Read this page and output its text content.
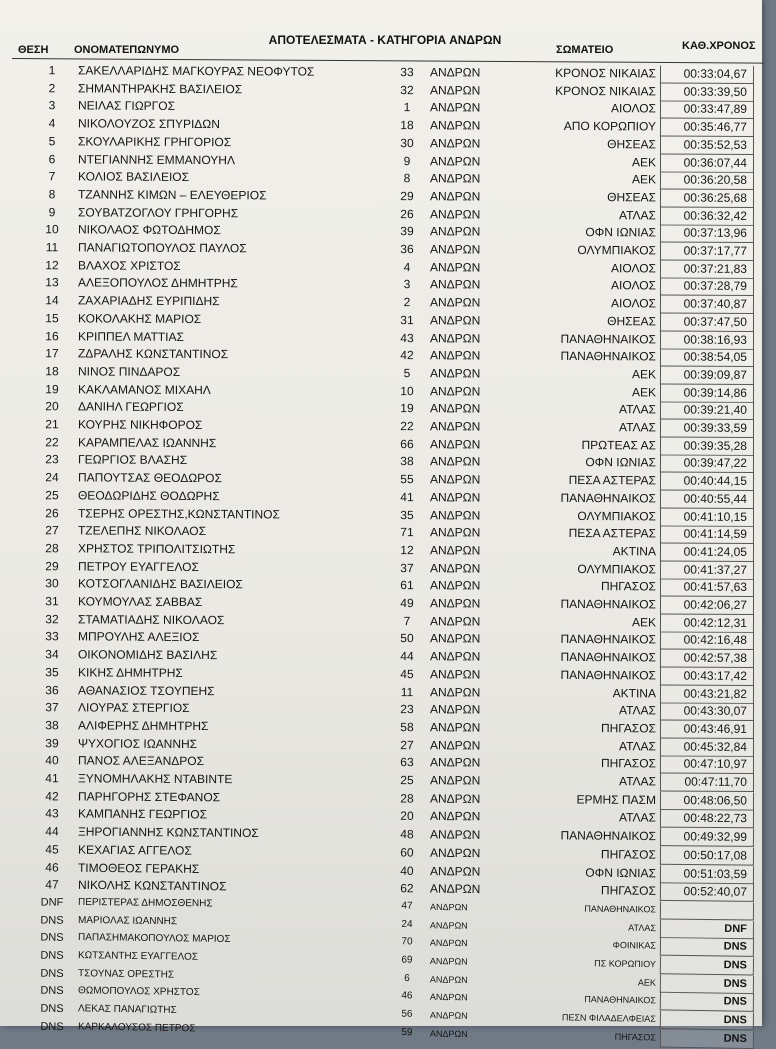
ΑΠΟΤΕΛΕΣΜΑΤΑ - ΚΑΤΗΓΟΡΙΑ ΑΝΔΡΩΝ
ΘΕΣΗ ΟΝΟΜΑΤΕΠΩΝΥΜΟ	ΣΩΜΑΤΕΙΟ	ΚΑΘ.ΧΡΟΝΟΣ
1	ΣΑΚΕΛΛΑΡΙΔΗΣ ΜΑΓΚΟΥΡΑΣ ΝΕΟΦΥΤΟΣ	33	ΑΝΔΡΩΝ	ΚΡΟΝΟΣ ΝΙΚΑΙΑΣ	00:33:04,67
2	ΣΗΜΑΝΤΗΡΑΚΗΣ ΒΑΣΙΛΕΙΟΣ	32	ΑΝΔΡΩΝ	ΚΡΟΝΟΣ ΝΙΚΑΙΑΣ	00:33:39,50
3	ΝΕΙΛΑΣ ΓΙΩΡΓΟΣ	1	ΑΝΔΡΩΝ	ΑΙΟΛΟΣ	00:33:47,89
4	ΝΙΚΟΛΟΥΖΟΣ ΣΠΥΡΙΔΩΝ	18	ΑΝΔΡΩΝ	ΑΠΟ ΚΟΡΩΠΙΟΥ	00:35:46,77
5	ΣΚΟΥΛΑΡΙΚΗΣ ΓΡΗΓΟΡΙΟΣ	30	ΑΝΔΡΩΝ	ΘΗΣΕΑΣ	00:35:52,53
6	ΝΤΕΓΙΑΝΝΗΣ ΕΜΜΑΝΟΥΗΛ	9	ΑΝΔΡΩΝ	ΑΕΚ	00:36:07,44
7	ΚΟΛΙΟΣ ΒΑΣΙΛΕΙΟΣ	8	ΑΝΔΡΩΝ	ΑΕΚ	00:36:20,58
8	ΤΖΑΝΝΗΣ ΚΙΜΩΝ – ΕΛΕΥΘΕΡΙΟΣ	29	ΑΝΔΡΩΝ	ΘΗΣΕΑΣ	00:36:25,68
9	ΣΟΥΒΑΤΖΟΓΛΟΥ ΓΡΗΓΟΡΗΣ	26	ΑΝΔΡΩΝ	ΑΤΛΑΣ	00:36:32,42
10	ΝΙΚΟΛΑΟΣ ΦΩΤΟΔΗΜΟΣ	39	ΑΝΔΡΩΝ	ΟΦΝ ΙΩΝΙΑΣ	00:37:13,96
11	ΠΑΝΑΓΙΩΤΟΠΟΥΛΟΣ ΠΑΥΛΟΣ	36	ΑΝΔΡΩΝ	ΟΛΥΜΠΙΑΚΟΣ	00:37:17,77
12	ΒΛΑΧΟΣ ΧΡΙΣΤΟΣ	4	ΑΝΔΡΩΝ	ΑΙΟΛΟΣ	00:37:21,83
13	ΑΛΕΞΟΠΟΥΛΟΣ ΔΗΜΗΤΡΗΣ	3	ΑΝΔΡΩΝ	ΑΙΟΛΟΣ	00:37:28,79
14	ΖΑΧΑΡΙΑΔΗΣ ΕΥΡΙΠΙΔΗΣ	2	ΑΝΔΡΩΝ	ΑΙΟΛΟΣ	00:37:40,87
15	ΚΟΚΟΛΑΚΗΣ ΜΑΡΙΟΣ	31	ΑΝΔΡΩΝ	ΘΗΣΕΑΣ	00:37:47,50
16	ΚΡΙΠΠΕΛ ΜΑΤΤΙΑΣ	43	ΑΝΔΡΩΝ	ΠΑΝΑΘΗΝΑΙΚΟΣ	00:38:16,93
17	ΖΔΡΑΛΗΣ ΚΩΝΣΤΑΝΤΙΝΟΣ	42	ΑΝΔΡΩΝ	ΠΑΝΑΘΗΝΑΙΚΟΣ	00:38:54,05
18	ΝΙΝΟΣ ΠΙΝΔΑΡΟΣ	5	ΑΝΔΡΩΝ	ΑΕΚ	00:39:09,87
19	ΚΑΚΛΑΜΑΝΟΣ ΜΙΧΑΗΛ	10	ΑΝΔΡΩΝ	ΑΕΚ	00:39:14,86
20	ΔΑΝΙΗΛ ΓΕΩΡΓΙΟΣ	19	ΑΝΔΡΩΝ	ΑΤΛΑΣ	00:39:21,40
21	ΚΟΥΡΗΣ ΝΙΚΗΦΟΡΟΣ	22	ΑΝΔΡΩΝ	ΑΤΛΑΣ	00:39:33,59
22	ΚΑΡΑΜΠΕΛΑΣ ΙΩΑΝΝΗΣ	66	ΑΝΔΡΩΝ	ΠΡΩΤΕΑΣ ΑΣ	00:39:35,28
23	ΓΕΩΡΓΙΟΣ ΒΛΑΣΗΣ	38	ΑΝΔΡΩΝ	ΟΦΝ ΙΩΝΙΑΣ	00:39:47,22
24	ΠΑΠΟΥΤΣΑΣ ΘΕΟΔΩΡΟΣ	55	ΑΝΔΡΩΝ	ΠΕΣΑ ΑΣΤΕΡΑΣ	00:40:44,15
25	ΘΕΟΔΩΡΙΔΗΣ ΘΟΔΩΡΗΣ	41	ΑΝΔΡΩΝ	ΠΑΝΑΘΗΝΑΙΚΟΣ	00:40:55,44
26	ΤΣΕΡΗΣ ΟΡΕΣΤΗΣ,ΚΩΝΣΤΑΝΤΙΝΟΣ	35	ΑΝΔΡΩΝ	ΟΛΥΜΠΙΑΚΟΣ	00:41:10,15
27	ΤΖΕΛΕΠΗΣ ΝΙΚΟΛΑΟΣ	71	ΑΝΔΡΩΝ	ΠΕΣΑ ΑΣΤΕΡΑΣ	00:41:14,59
28	ΧΡΗΣΤΟΣ ΤΡΙΠΟΛΙΤΣΙΩΤΗΣ	12	ΑΝΔΡΩΝ	ΑΚΤΙΝΑ	00:41:24,05
29	ΠΕΤΡΟΥ ΕΥΑΓΓΕΛΟΣ	37	ΑΝΔΡΩΝ	ΟΛΥΜΠΙΑΚΟΣ	00:41:37,27
30	ΚΟΤΣΟΓΛΑΝΙΔΗΣ ΒΑΣΙΛΕΙΟΣ	61	ΑΝΔΡΩΝ	ΠΗΓΑΣΟΣ	00:41:57,63
31	ΚΟΥΜΟΥΛΑΣ ΣΑΒΒΑΣ	49	ΑΝΔΡΩΝ	ΠΑΝΑΘΗΝΑΙΚΟΣ	00:42:06,27
32	ΣΤΑΜΑΤΙΑΔΗΣ ΝΙΚΟΛΑΟΣ	7	ΑΝΔΡΩΝ	ΑΕΚ	00:42:12,31
33	ΜΠΡΟΥΛΗΣ ΑΛΕΞΙΟΣ	50	ΑΝΔΡΩΝ	ΠΑΝΑΘΗΝΑΙΚΟΣ	00:42:16,48
34	ΟΙΚΟΝΟΜΙΔΗΣ ΒΑΣΙΛΗΣ	44	ΑΝΔΡΩΝ	ΠΑΝΑΘΗΝΑΙΚΟΣ	00:42:57,38
35	ΚΙΚΗΣ ΔΗΜΗΤΡΗΣ	45	ΑΝΔΡΩΝ	ΠΑΝΑΘΗΝΑΙΚΟΣ	00:43:17,42
36	ΑΘΑΝΑΣΙΟΣ ΤΣΟΥΠΕΗΣ	11	ΑΝΔΡΩΝ	ΑΚΤΙΝΑ	00:43:21,82
37	ΛΙΟΥΡΑΣ ΣΤΕΡΓΙΟΣ	23	ΑΝΔΡΩΝ	ΑΤΛΑΣ	00:43:30,07
38	ΑΛΙΦΕΡΗΣ ΔΗΜΗΤΡΗΣ	58	ΑΝΔΡΩΝ	ΠΗΓΑΣΟΣ	00:43:46,91
39	ΨΥΧΟΓΙΟΣ ΙΩΑΝΝΗΣ	27	ΑΝΔΡΩΝ	ΑΤΛΑΣ	00:45:32,84
40	ΠΑΝΟΣ ΑΛΕΞΑΝΔΡΟΣ	63	ΑΝΔΡΩΝ	ΠΗΓΑΣΟΣ	00:47:10,97
41	ΞΥΝΟΜΗΛΑΚΗΣ ΝΤΑΒΙΝΤΕ	25	ΑΝΔΡΩΝ	ΑΤΛΑΣ	00:47:11,70
42	ΠΑΡΗΓΟΡΗΣ ΣΤΕΦΑΝΟΣ	28	ΑΝΔΡΩΝ	ΕΡΜΗΣ ΠΑΣΜ	00:48:06,50
43	ΚΑΜΠΑΝΗΣ ΓΕΩΡΓΙΟΣ	20	ΑΝΔΡΩΝ	ΑΤΛΑΣ	00:48:22,73
44	ΞΗΡΟΓΙΑΝΝΗΣ ΚΩΝΣΤΑΝΤΙΝΟΣ	48	ΑΝΔΡΩΝ	ΠΑΝΑΘΗΝΑΙΚΟΣ	00:49:32,99
45	ΚΕΧΑΓΙΑΣ ΑΓΓΕΛΟΣ	60	ΑΝΔΡΩΝ	ΠΗΓΑΣΟΣ	00:50:17,08
46	ΤΙΜΟΘΕΟΣ ΓΕΡΑΚΗΣ	40	ΑΝΔΡΩΝ	ΟΦΝ ΙΩΝΙΑΣ	00:51:03,59
47	ΝΙΚΟΛΗΣ ΚΩΝΣΤΑΝΤΙΝΟΣ	62	ΑΝΔΡΩΝ	ΠΗΓΑΣΟΣ	00:52:40,07
DNF	ΠΕΡΙΣΤΕΡΑΣ ΔΗΜΟΣΘΕΝΗΣ	47	ΑΝΔΡΩΝ	ΠΑΝΑΘΗΝΑΙΚΟΣ
DNS	ΜΑΡΙΟΛΑΣ ΙΩΑΝΝΗΣ	24	ΑΝΔΡΩΝ	ΑΤΛΑΣ	DNF
DNS	ΠΑΠΑΣΗΜΑΚΟΠΟΥΛΟΣ ΜΑΡΙΟΣ	70	ΑΝΔΡΩΝ	ΦΟΙΝΙΚΑΣ	DNS
DNS	ΚΩΤΣΑΝΤΗΣ ΕΥΑΓΓΕΛΟΣ	69	ΑΝΔΡΩΝ	ΠΣ ΚΟΡΩΠΙΟΥ	DNS
DNS	ΤΣΟΥΝΑΣ ΟΡΕΣΤΗΣ	6	ΑΝΔΡΩΝ	ΑΕΚ	DNS
DNS	ΘΩΜΟΠΟΥΛΟΣ ΧΡΗΣΤΟΣ	46	ΑΝΔΡΩΝ	ΠΑΝΑΘΗΝΑΙΚΟΣ	DNS
DNS	ΛΕΚΑΣ ΠΑΝΑΓΙΩΤΗΣ	56	ΑΝΔΡΩΝ	ΠΕΣΝ ΦΙΛΑΔΕΛΦΕΙΑΣ	DNS
DNS	ΚΑΡΚΑΛΟΥΣΟΣ ΠΕΤΡΟΣ	59	ΑΝΔΡΩΝ	ΠΗΓΑΣΟΣ	DNS
